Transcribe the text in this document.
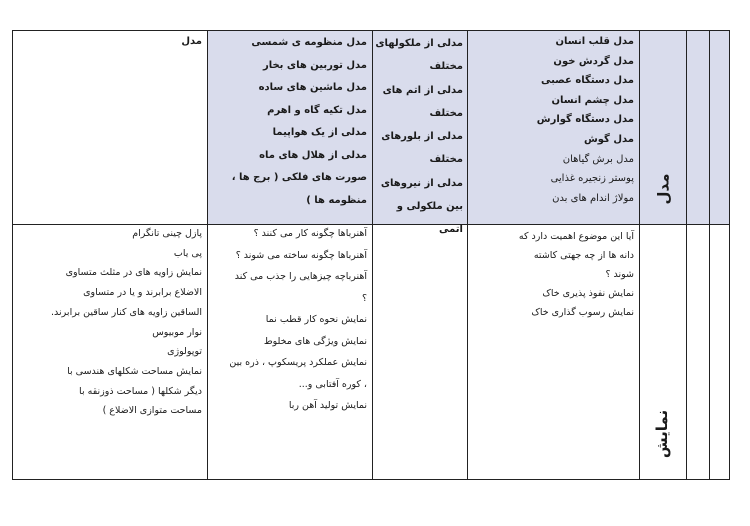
مدل
نمایش
مدل قلب انسان
مدل گردش خون
مدل دستگاه عصبی
مدل چشم انسان
مدل دستگاه گوارش
مدل گوش
مدل برش گیاهان
پوستر زنجیره غذایی
مولاژ اندام های بدن
مدلی از ملکولهای
مختلف
مدلی از اتم های
مختلف
مدلی از بلورهای
مختلف
مدلی از نیروهای
بین ملکولی و
اتمی
مدل منظومه ی شمسی
مدل توربین های بخار
مدل ماشین های ساده
مدل تکیه گاه و اهرم
مدلی از یک هواپیما
مدلی از هلال های ماه
صورت های فلکی ( برج ها ،
منظومه ها )
مدل
آیا این موضوع اهمیت دارد که
دانه ها از چه جهتی کاشته
شوند ؟
نمایش نفوذ پذیری خاک
نمایش رسوب گذاری خاک
آهنرباها چگونه کار می کنند ؟
آهنرباها چگونه ساخته می شوند ؟
آهنرباچه چیزهایی را جذب می کند
؟
نمایش نحوه کار قطب نما
نمایش ویژگی های مخلوط
نمایش عملکرد پریسکوپ ، ذره بین
، کوره آفتابی و...
نمایش تولید آهن ربا
پازل چینی تانگرام
پی یاب
نمایش زاویه های در مثلث متساوی
الاضلاع برابرند و یا در متساوی
الساقین زاویه های کنار ساقین برابرند.
نوار موبیوس
توپولوژی
نمایش مساحت شکلهای هندسی با
دیگر شکلها ( مساحت ذوزنقه با
مساحت متوازی الاضلاع )
